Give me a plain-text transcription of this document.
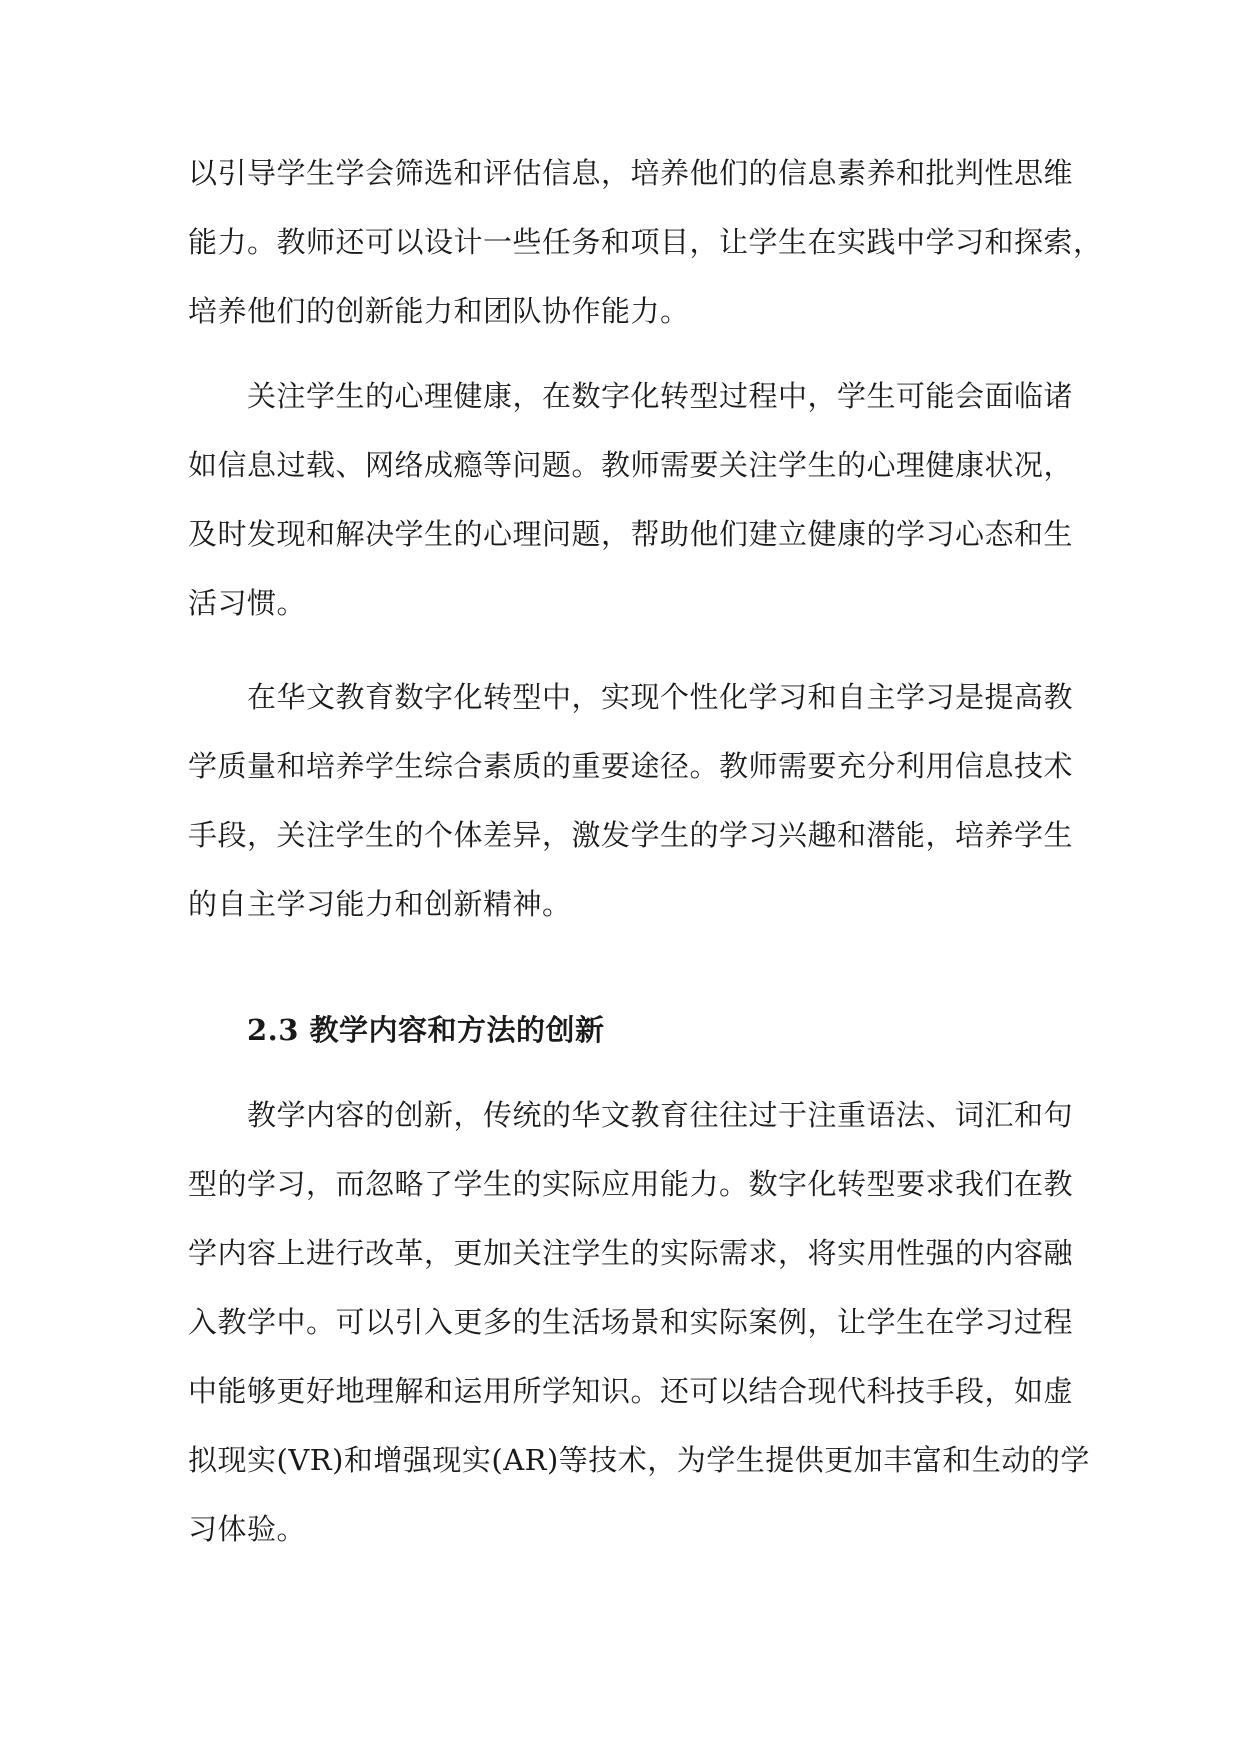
以引导学生学会筛选和评估信息，培养他们的信息素养和批判性思维
能力。教师还可以设计一些任务和项目，让学生在实践中学习和探索，
培养他们的创新能力和团队协作能力。
关注学生的心理健康，在数字化转型过程中，学生可能会面临诸
如信息过载、网络成瘾等问题。教师需要关注学生的心理健康状况，
及时发现和解决学生的心理问题，帮助他们建立健康的学习心态和生
活习惯。
在华文教育数字化转型中，实现个性化学习和自主学习是提高教
学质量和培养学生综合素质的重要途径。教师需要充分利用信息技术
手段，关注学生的个体差异，激发学生的学习兴趣和潜能，培养学生
的自主学习能力和创新精神。
2.3 教学内容和方法的创新
教学内容的创新，传统的华文教育往往过于注重语法、词汇和句
型的学习，而忽略了学生的实际应用能力。数字化转型要求我们在教
学内容上进行改革，更加关注学生的实际需求，将实用性强的内容融
入教学中。可以引入更多的生活场景和实际案例，让学生在学习过程
中能够更好地理解和运用所学知识。还可以结合现代科技手段，如虚
拟现实(VR)和增强现实(AR)等技术，为学生提供更加丰富和生动的学
习体验。
